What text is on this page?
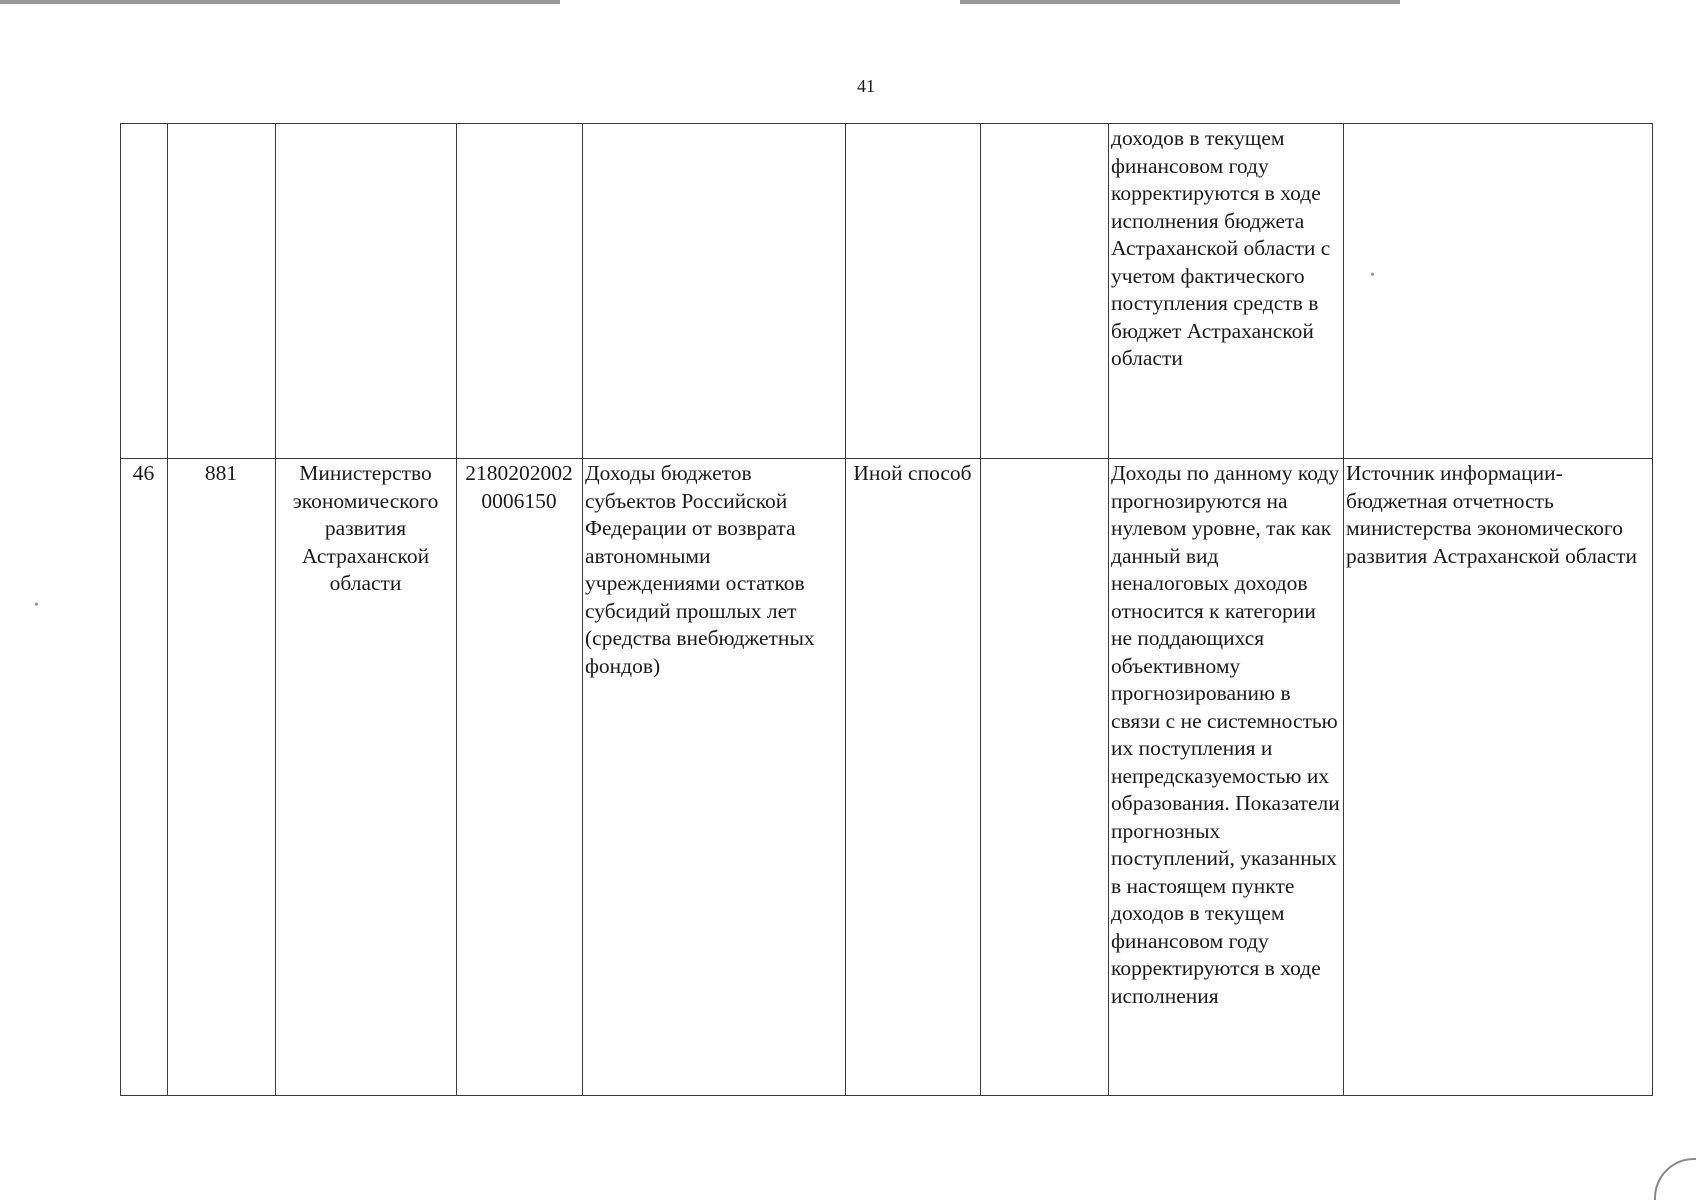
41
							доходов в текущем финансовом году корректируются в ходе исполнения бюджета Астраханской области с учетом фактического поступления средств в бюджет Астраханской области	
46	881	Министерство экономического развития Астраханской области	2180202002 0006150	Доходы бюджетов субъектов Российской Федерации от возврата автономными учреждениями остатков субсидий прошлых лет (средства внебюджетных фондов)	Иной способ		Доходы по данному коду прогнозируются на нулевом уровне, так как данный вид неналоговых доходов относится к категории не поддающихся объективному прогнозированию в связи с не системностью их поступления и непредсказуемостью их образования. Показатели прогнозных поступлений, указанных в настоящем пункте доходов в текущем финансовом году корректируются в ходе исполнения	Источник информации-бюджетная отчетность министерства экономического развития Астраханской области
•
•
